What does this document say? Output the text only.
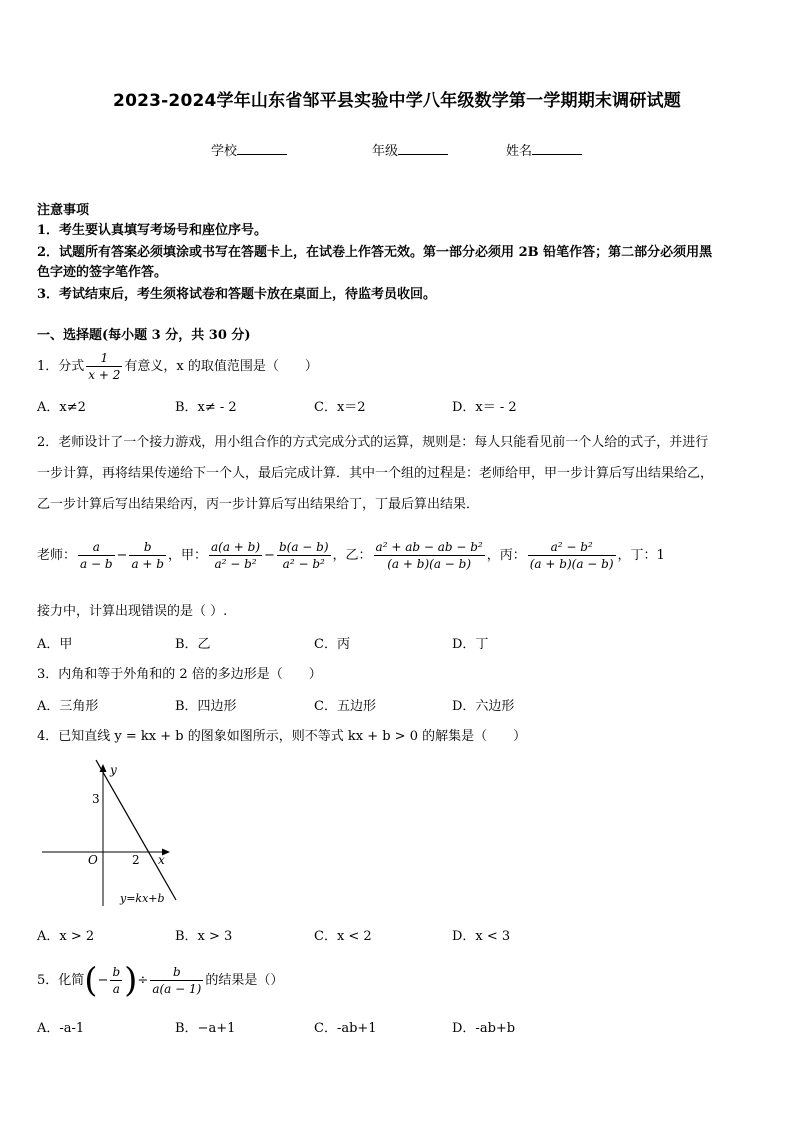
2023-2024学年山东省邹平县实验中学八年级数学第一学期期末调研试题
学校	年级	姓名
注意事项
1．考生要认真填写考场号和座位序号。
2．试题所有答案必须填涂或书写在答题卡上，在试卷上作答无效。第一部分必须用 2B 铅笔作答；第二部分必须用黑
色字迹的签字笔作答。
3．考试结束后，考生须将试卷和答题卡放在桌面上，待监考员收回。
一、选择题(每小题 3 分，共 30 分)
1．分式 $\frac{1}{x + 2}$ 有意义，x 的取值范围是（　　）
A．x≠2	B．x≠ - 2	C．x＝2	D．x＝ - 2
2．老师设计了一个接力游戏，用小组合作的方式完成分式的运算，规则是：每人只能看见前一个人给的式子，并进行
一步计算，再将结果传递给下一个人，最后完成计算．其中一个组的过程是：老师给甲，甲一步计算后写出结果给乙，
乙一步计算后写出结果给丙，丙一步计算后写出结果给丁，丁最后算出结果．
老师： $\frac{a}{a - b} - \frac{b}{a + b}$ ，甲： $\frac{a(a + b)}{\text{a² − b²}} - \frac{b(a - b)}{\text{a² − b²}}$ ，乙： $\frac{\text{a² + ab − ab − b²}}{(a + b)(a - b)}$ ，丙： $\frac{\text{a² − b²}}{(a + b)(a - b)}$ ，丁：1
接力中，计算出现错误的是（ ）.
A．甲	B．乙	C．丙	D．丁
3．内角和等于外角和的 2 倍的多边形是（　　）
A．三角形	B．四边形	C．五边形	D．六边形
4．已知直线 y = kx + b 的图象如图所示，则不等式 kx + b > 0 的解集是（　　）
y
x
O
3
2
y=kx+b
A．x > 2	B．x > 3	C．x < 2	D．x < 3
5．化简(− $\frac{b}{a}$ )÷ $\frac{b}{a(a - 1)}$ 的结果是（）
A．-a-1	B．−a+1	C．-ab+1	D．-ab+b
